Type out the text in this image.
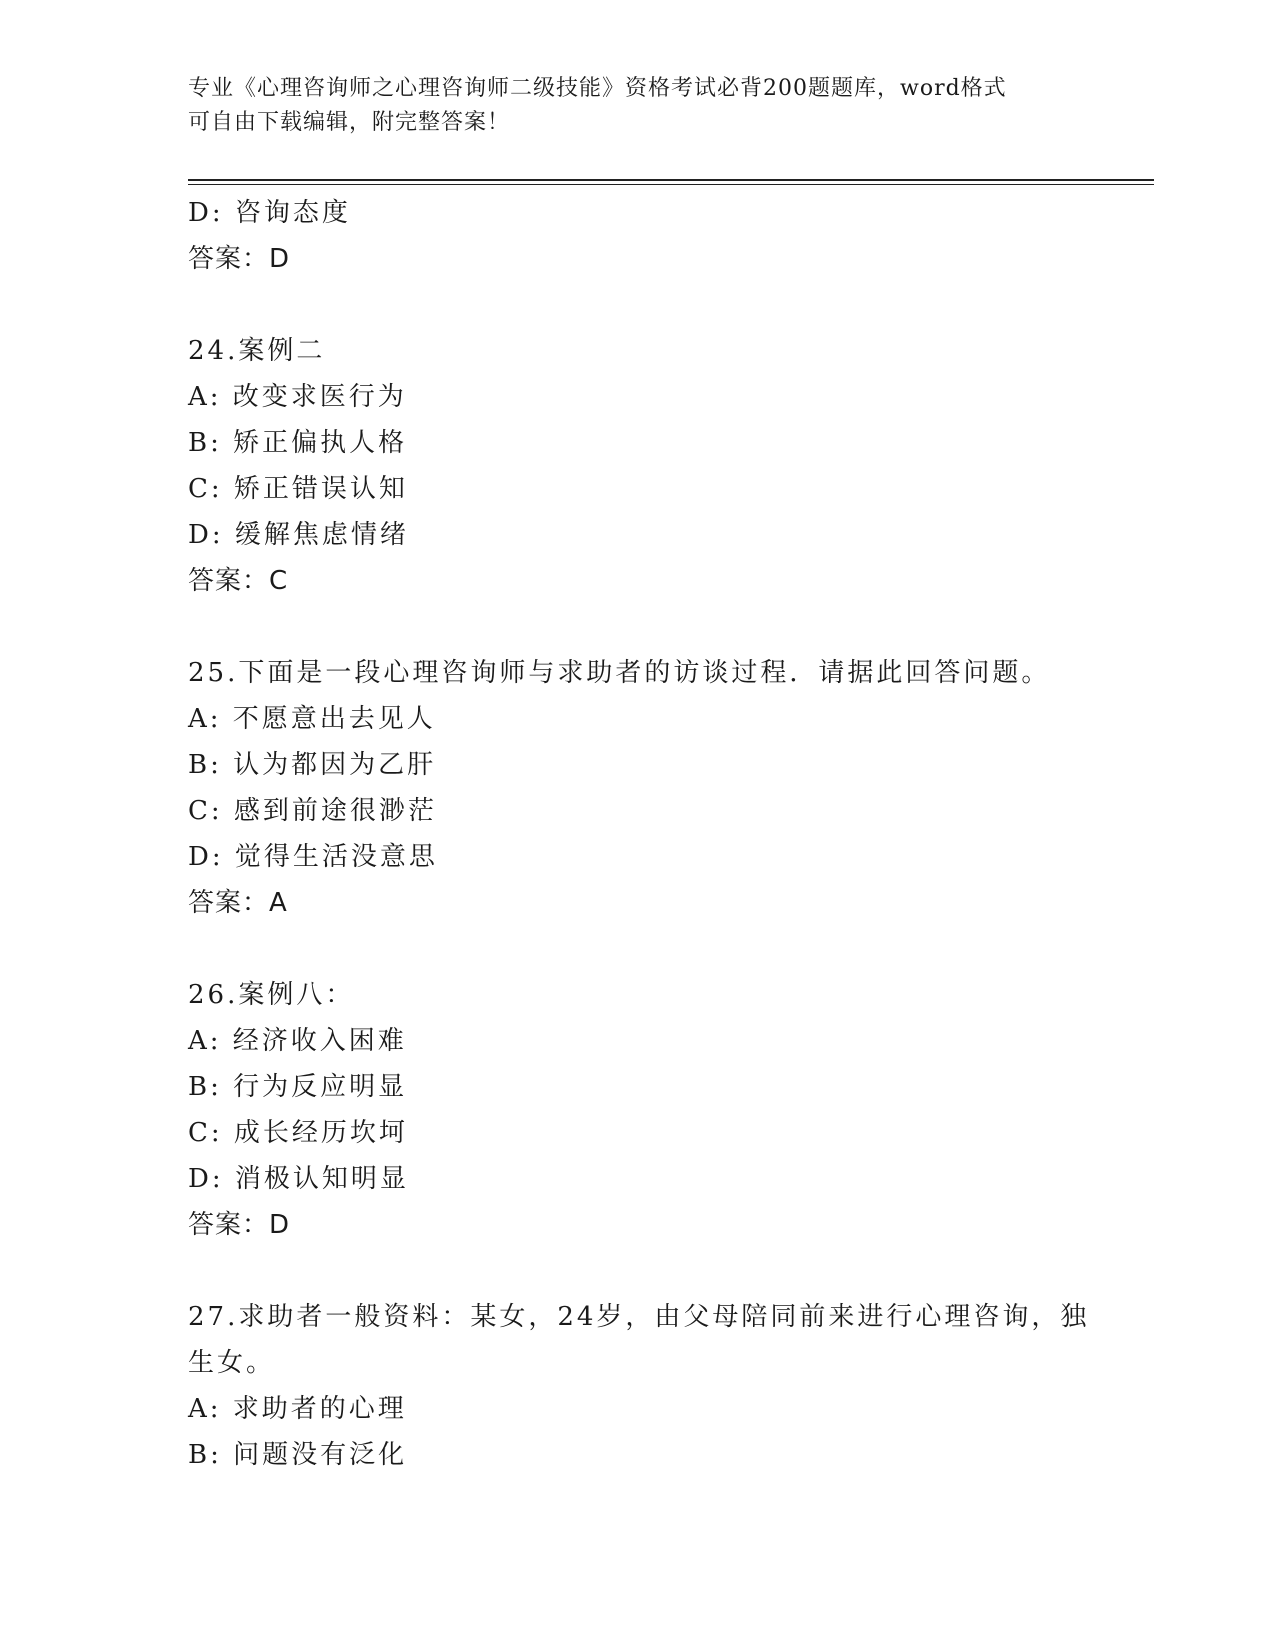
专业《心理咨询师之心理咨询师二级技能》资格考试必背200题题库，word格式
可自由下载编辑，附完整答案！
D: 咨询态度
答案：D
24.案例二
A: 改变求医行为
B: 矫正偏执人格
C: 矫正错误认知
D: 缓解焦虑情绪
答案：C
25.下面是一段心理咨询师与求助者的访谈过程．请据此回答问题。
A: 不愿意出去见人
B: 认为都因为乙肝
C: 感到前途很渺茫
D: 觉得生活没意思
答案：A
26.案例八：
A: 经济收入困难
B: 行为反应明显
C: 成长经历坎坷
D: 消极认知明显
答案：D
27.求助者一般资料：某女，24岁，由父母陪同前来进行心理咨询，独
生女。
A: 求助者的心理
B: 问题没有泛化
